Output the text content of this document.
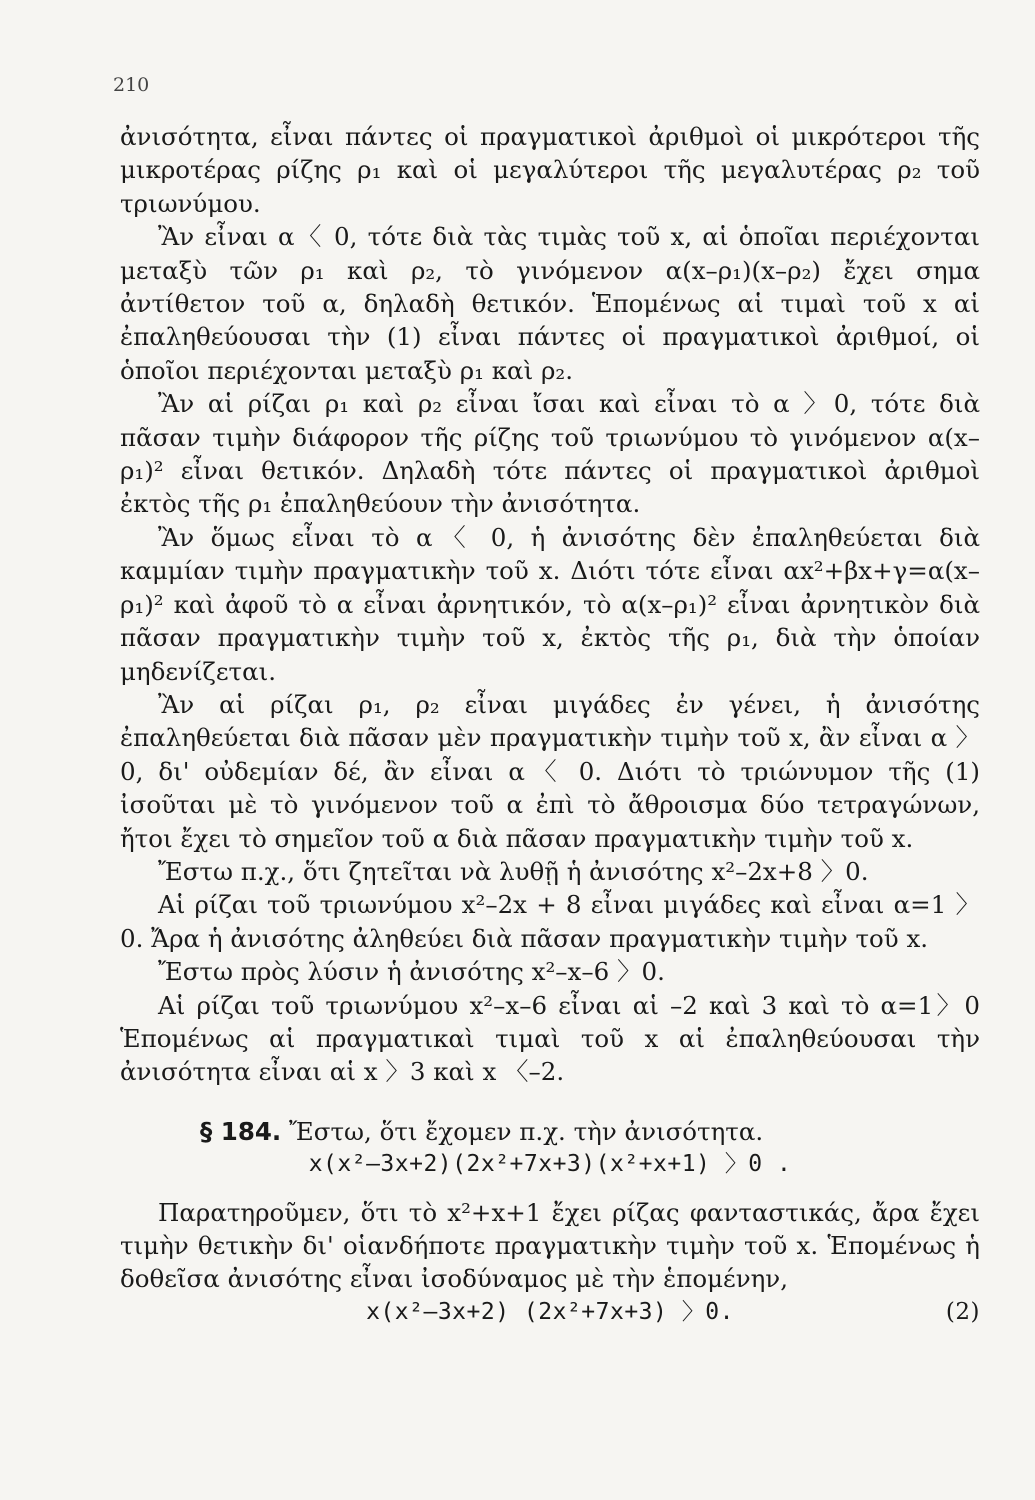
210

ἀνισότητα, εἶναι πάντες οἱ πραγματικοὶ ἀριθμοὶ οἱ μικρότεροι τῆς μικροτέρας ρίζης ρ₁ καὶ οἱ μεγαλύτεροι τῆς μεγαλυτέρας ρ₂ τοῦ τριωνύμου.

Ἂν εἶναι α〈 0, τότε διὰ τὰς τιμὰς τοῦ x, αἱ ὁποῖαι περιέχονται μεταξὺ τῶν ρ₁ καὶ ρ₂, τὸ γινόμενον α(x–ρ₁)(x–ρ₂) ἔχει σημα ἀντίθετον τοῦ α, δηλαδὴ θετικόν. Ἑπομένως αἱ τιμαὶ τοῦ x αἱ ἐπαληθεύουσαι τὴν (1) εἶναι πάντες οἱ πραγματικοὶ ἀριθμοί, οἱ ὁποῖοι περιέχονται μεταξὺ ρ₁ καὶ ρ₂.

Ἂν αἱ ρίζαι ρ₁ καὶ ρ₂ εἶναι ἴσαι καὶ εἶναι τὸ α 〉0, τότε διὰ πᾶσαν τιμὴν διάφορον τῆς ρίζης τοῦ τριωνύμου τὸ γινόμενον α(x–ρ₁)² εἶναι θετικόν. Δηλαδὴ τότε πάντες οἱ πραγματικοὶ ἀριθμοὶ ἐκτὸς τῆς ρ₁ ἐπαληθεύουν τὴν ἀνισότητα.

Ἂν ὅμως εἶναι τὸ α〈 0, ἡ ἀνισότης δὲν ἐπαληθεύεται διὰ καμμίαν τιμὴν πραγματικὴν τοῦ x. Διότι τότε εἶναι αx²+βx+γ=α(x–ρ₁)² καὶ ἀφοῦ τὸ α εἶναι ἀρνητικόν, τὸ α(x–ρ₁)² εἶναι ἀρνητικὸν διὰ πᾶσαν πραγματικὴν τιμὴν τοῦ x, ἐκτὸς τῆς ρ₁, διὰ τὴν ὁποίαν μηδενίζεται.

Ἂν αἱ ρίζαι ρ₁, ρ₂ εἶναι μιγάδες ἐν γένει, ἡ ἀνισότης ἐπαληθεύεται διὰ πᾶσαν μὲν πραγματικὴν τιμὴν τοῦ x, ἂν εἶναι α 〉0, δι' οὐδεμίαν δέ, ἂν εἶναι α〈 0. Διότι τὸ τριώνυμον τῆς (1) ἰσοῦται μὲ τὸ γινόμενον τοῦ α ἐπὶ τὸ ἄθροισμα δύο τετραγώνων, ἤτοι ἔχει τὸ σημεῖον τοῦ α διὰ πᾶσαν πραγματικὴν τιμὴν τοῦ x.

Ἔστω π.χ., ὅτι ζητεῖται νὰ λυθῇ ἡ ἀνισότης x²–2x+8 〉0.

Αἱ ρίζαι τοῦ τριωνύμου x²–2x + 8 εἶναι μιγάδες καὶ εἶναι α=1 〉0. Ἄρα ἡ ἀνισότης ἀληθεύει διὰ πᾶσαν πραγματικὴν τιμὴν τοῦ x.

Ἔστω πρὸς λύσιν ἡ ἀνισότης x²–x–6 〉0.

Αἱ ρίζαι τοῦ τριωνύμου x²–x–6 εἶναι αἱ –2 καὶ 3 καὶ τὸ α=1〉0 Ἑπομένως αἱ πραγματικαὶ τιμαὶ τοῦ x αἱ ἐπαληθεύουσαι τὴν ἀνισότητα εἶναι αἱ x 〉3 καὶ x 〈–2.

§ 184. Ἔστω, ὅτι ἔχομεν π.χ. τὴν ἀνισότητα.

x(x²–3x+2)(2x²+7x+3)(x²+x+1) 〉0 .

Παρατηροῦμεν, ὅτι τὸ x²+x+1 ἔχει ρίζας φανταστικάς, ἄρα ἔχει τιμὴν θετικὴν δι' οἱανδήποτε πραγματικὴν τιμὴν τοῦ x. Ἑπομένως ἡ δοθεῖσα ἀνισότης εἶναι ἰσοδύναμος μὲ τὴν ἑπομένην,

x(x²–3x+2) (2x²+7x+3) 〉0.	(2)
